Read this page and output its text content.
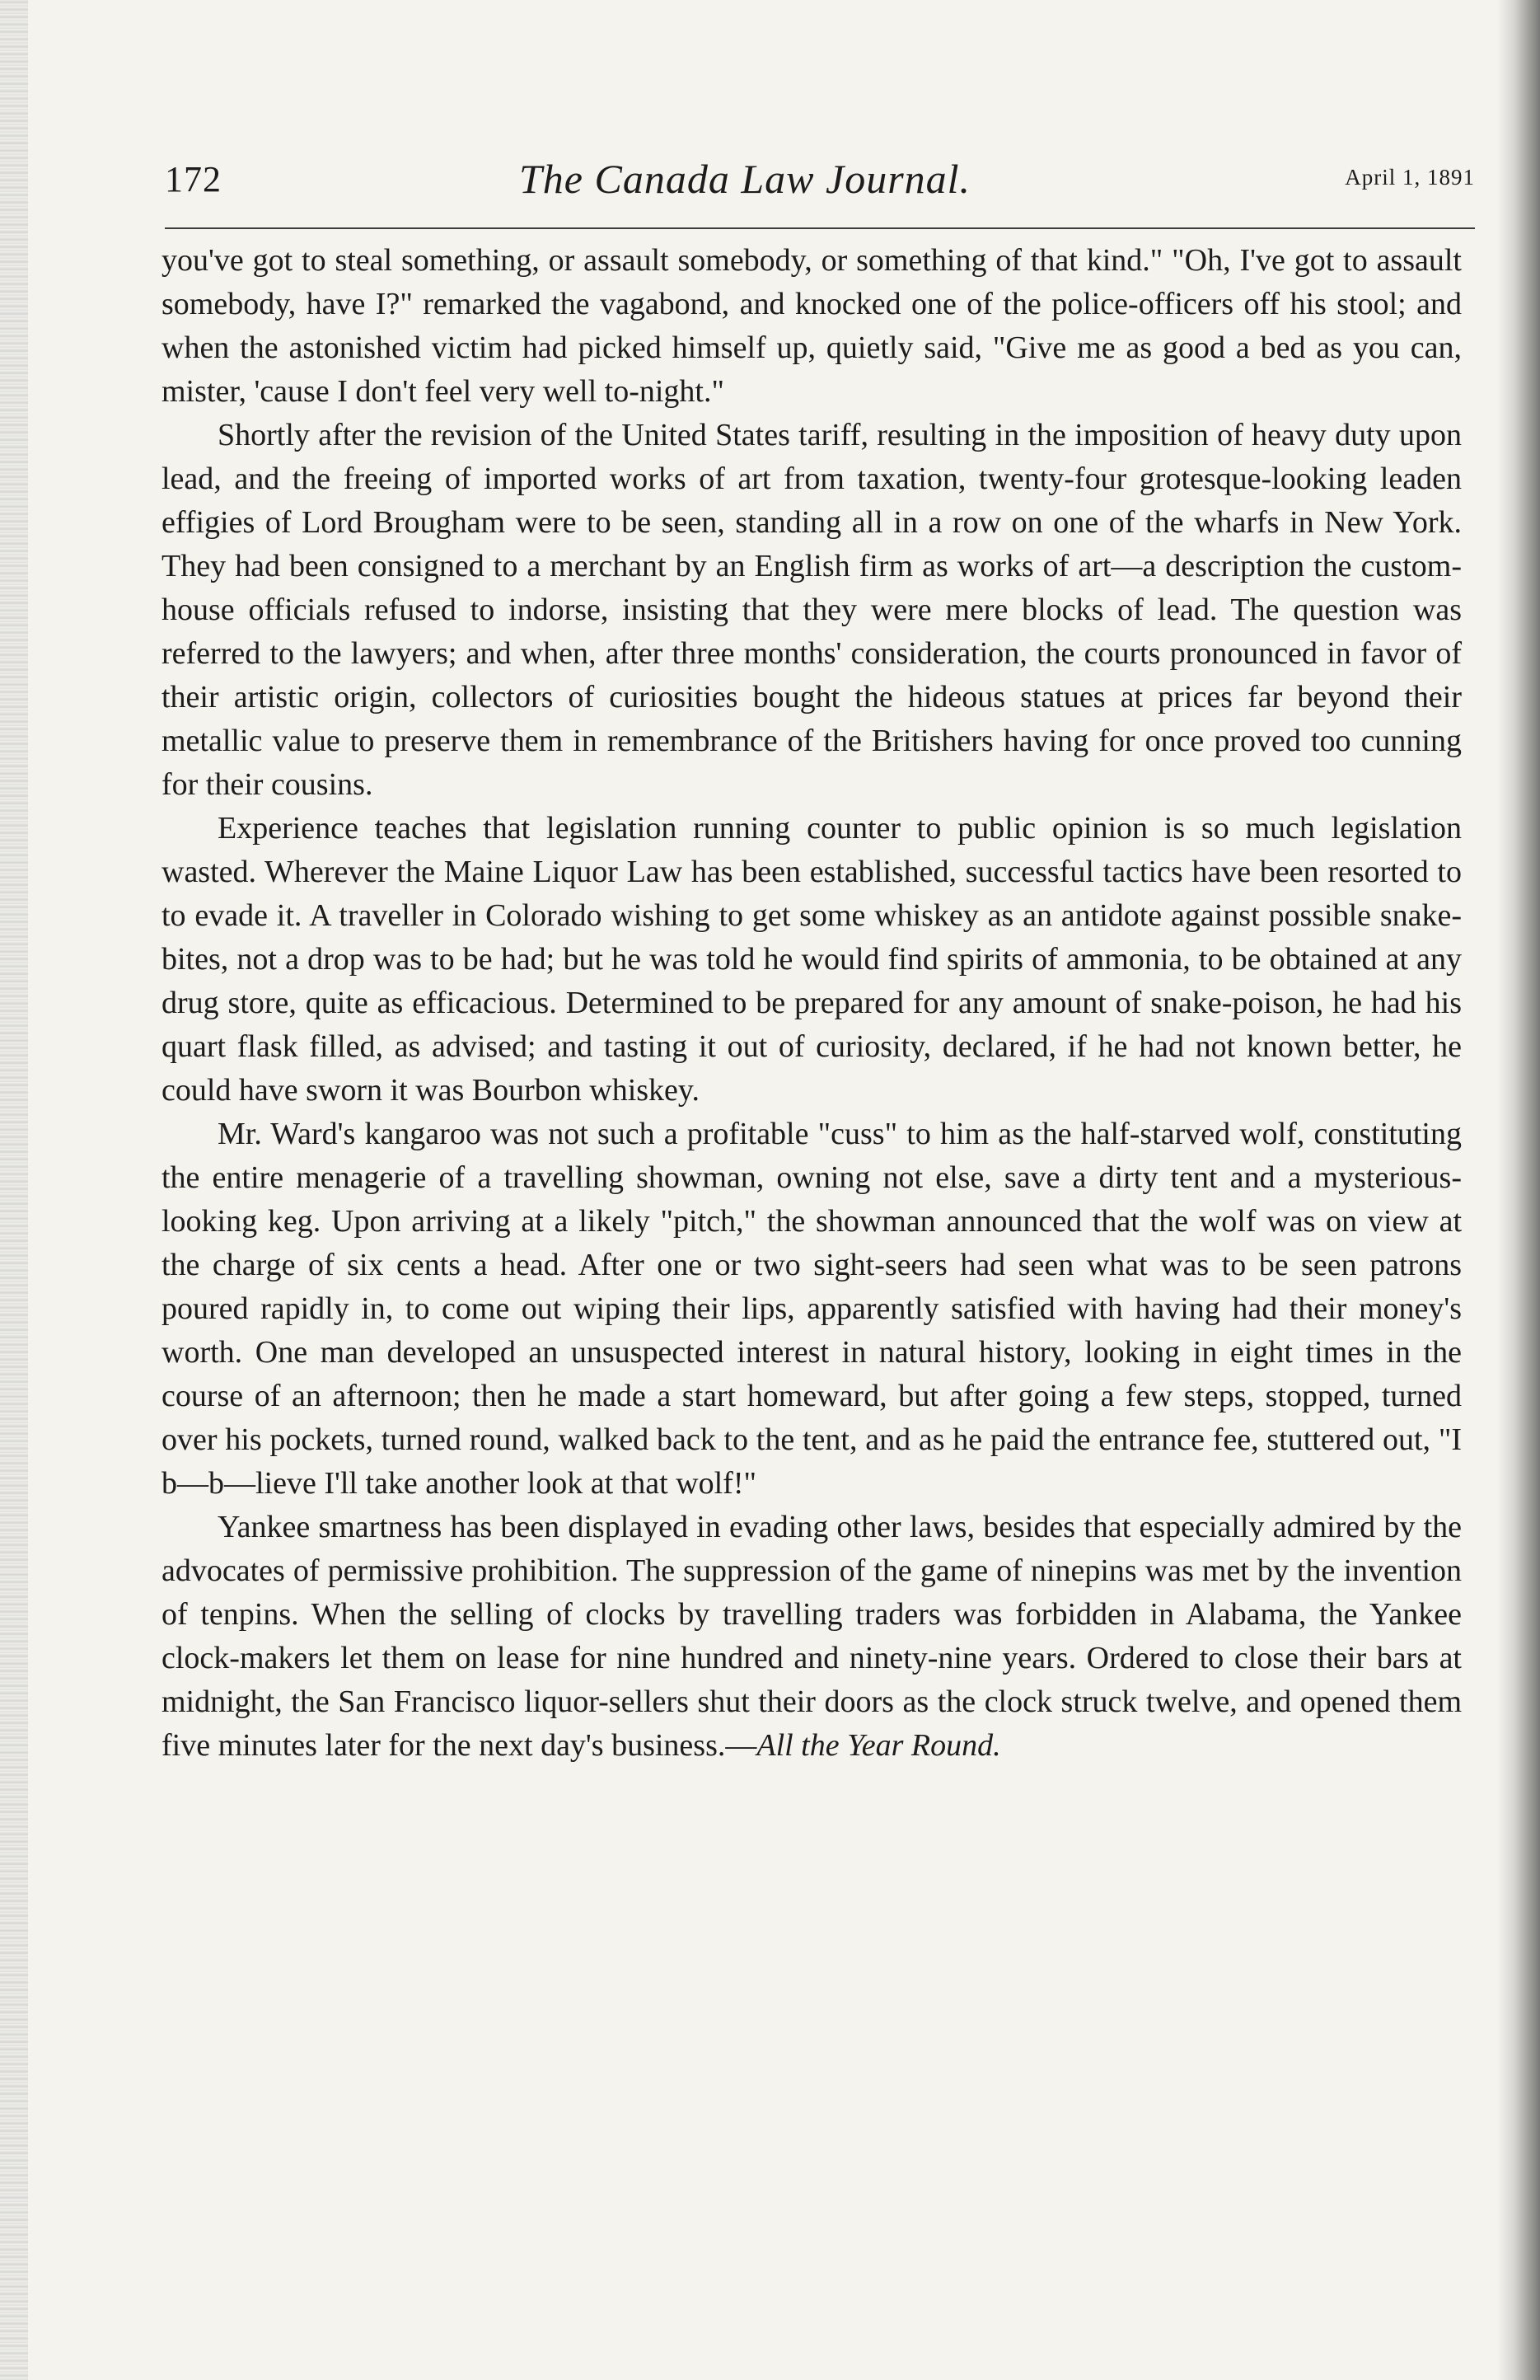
172	The Canada Law Journal.	April 1, 1891

you've got to steal something, or assault somebody, or something of that kind." "Oh, I've got to assault somebody, have I?" remarked the vagabond, and knocked one of the police-officers off his stool; and when the astonished victim had picked himself up, quietly said, "Give me as good a bed as you can, mister, 'cause I don't feel very well to-night."

Shortly after the revision of the United States tariff, resulting in the imposition of heavy duty upon lead, and the freeing of imported works of art from taxation, twenty-four grotesque-looking leaden effigies of Lord Brougham were to be seen, standing all in a row on one of the wharfs in New York. They had been consigned to a merchant by an English firm as works of art—a description the custom-house officials refused to indorse, insisting that they were mere blocks of lead. The question was referred to the lawyers; and when, after three months' consideration, the courts pronounced in favor of their artistic origin, collectors of curiosities bought the hideous statues at prices far beyond their metallic value to preserve them in remembrance of the Britishers having for once proved too cunning for their cousins.

Experience teaches that legislation running counter to public opinion is so much legislation wasted. Wherever the Maine Liquor Law has been established, successful tactics have been resorted to to evade it. A traveller in Colorado wishing to get some whiskey as an antidote against possible snake-bites, not a drop was to be had; but he was told he would find spirits of ammonia, to be obtained at any drug store, quite as efficacious. Determined to be prepared for any amount of snake-poison, he had his quart flask filled, as advised; and tasting it out of curiosity, declared, if he had not known better, he could have sworn it was Bourbon whiskey.

Mr. Ward's kangaroo was not such a profitable "cuss" to him as the half-starved wolf, constituting the entire menagerie of a travelling showman, owning not else, save a dirty tent and a mysterious-looking keg. Upon arriving at a likely "pitch," the showman announced that the wolf was on view at the charge of six cents a head. After one or two sight-seers had seen what was to be seen patrons poured rapidly in, to come out wiping their lips, apparently satisfied with having had their money's worth. One man developed an unsuspected interest in natural history, looking in eight times in the course of an afternoon; then he made a start homeward, but after going a few steps, stopped, turned over his pockets, turned round, walked back to the tent, and as he paid the entrance fee, stuttered out, "I b—b—lieve I'll take another look at that wolf!"

Yankee smartness has been displayed in evading other laws, besides that especially admired by the advocates of permissive prohibition. The suppression of the game of ninepins was met by the invention of tenpins. When the selling of clocks by travelling traders was forbidden in Alabama, the Yankee clock-makers let them on lease for nine hundred and ninety-nine years. Ordered to close their bars at midnight, the San Francisco liquor-sellers shut their doors as the clock struck twelve, and opened them five minutes later for the next day's business.—All the Year Round.
